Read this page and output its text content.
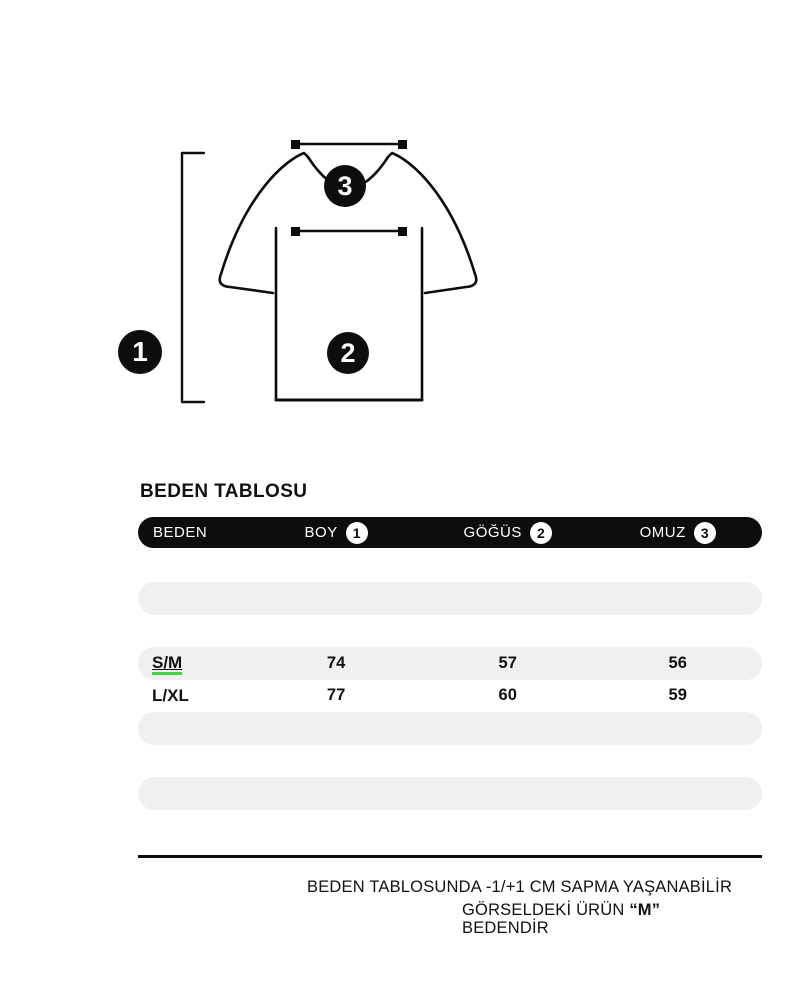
1	2
3
BEDEN TABLOSU
BEDEN	BOY	1	GÖĞÜS	2	OMUZ	3
S/M	74	57	56
L/XL	77	60	59
BEDEN TABLOSUNDA -1/+1 CM SAPMA YAŞANABİLİR
GÖRSELDEKİ ÜRÜN “M”
BEDENDİR
